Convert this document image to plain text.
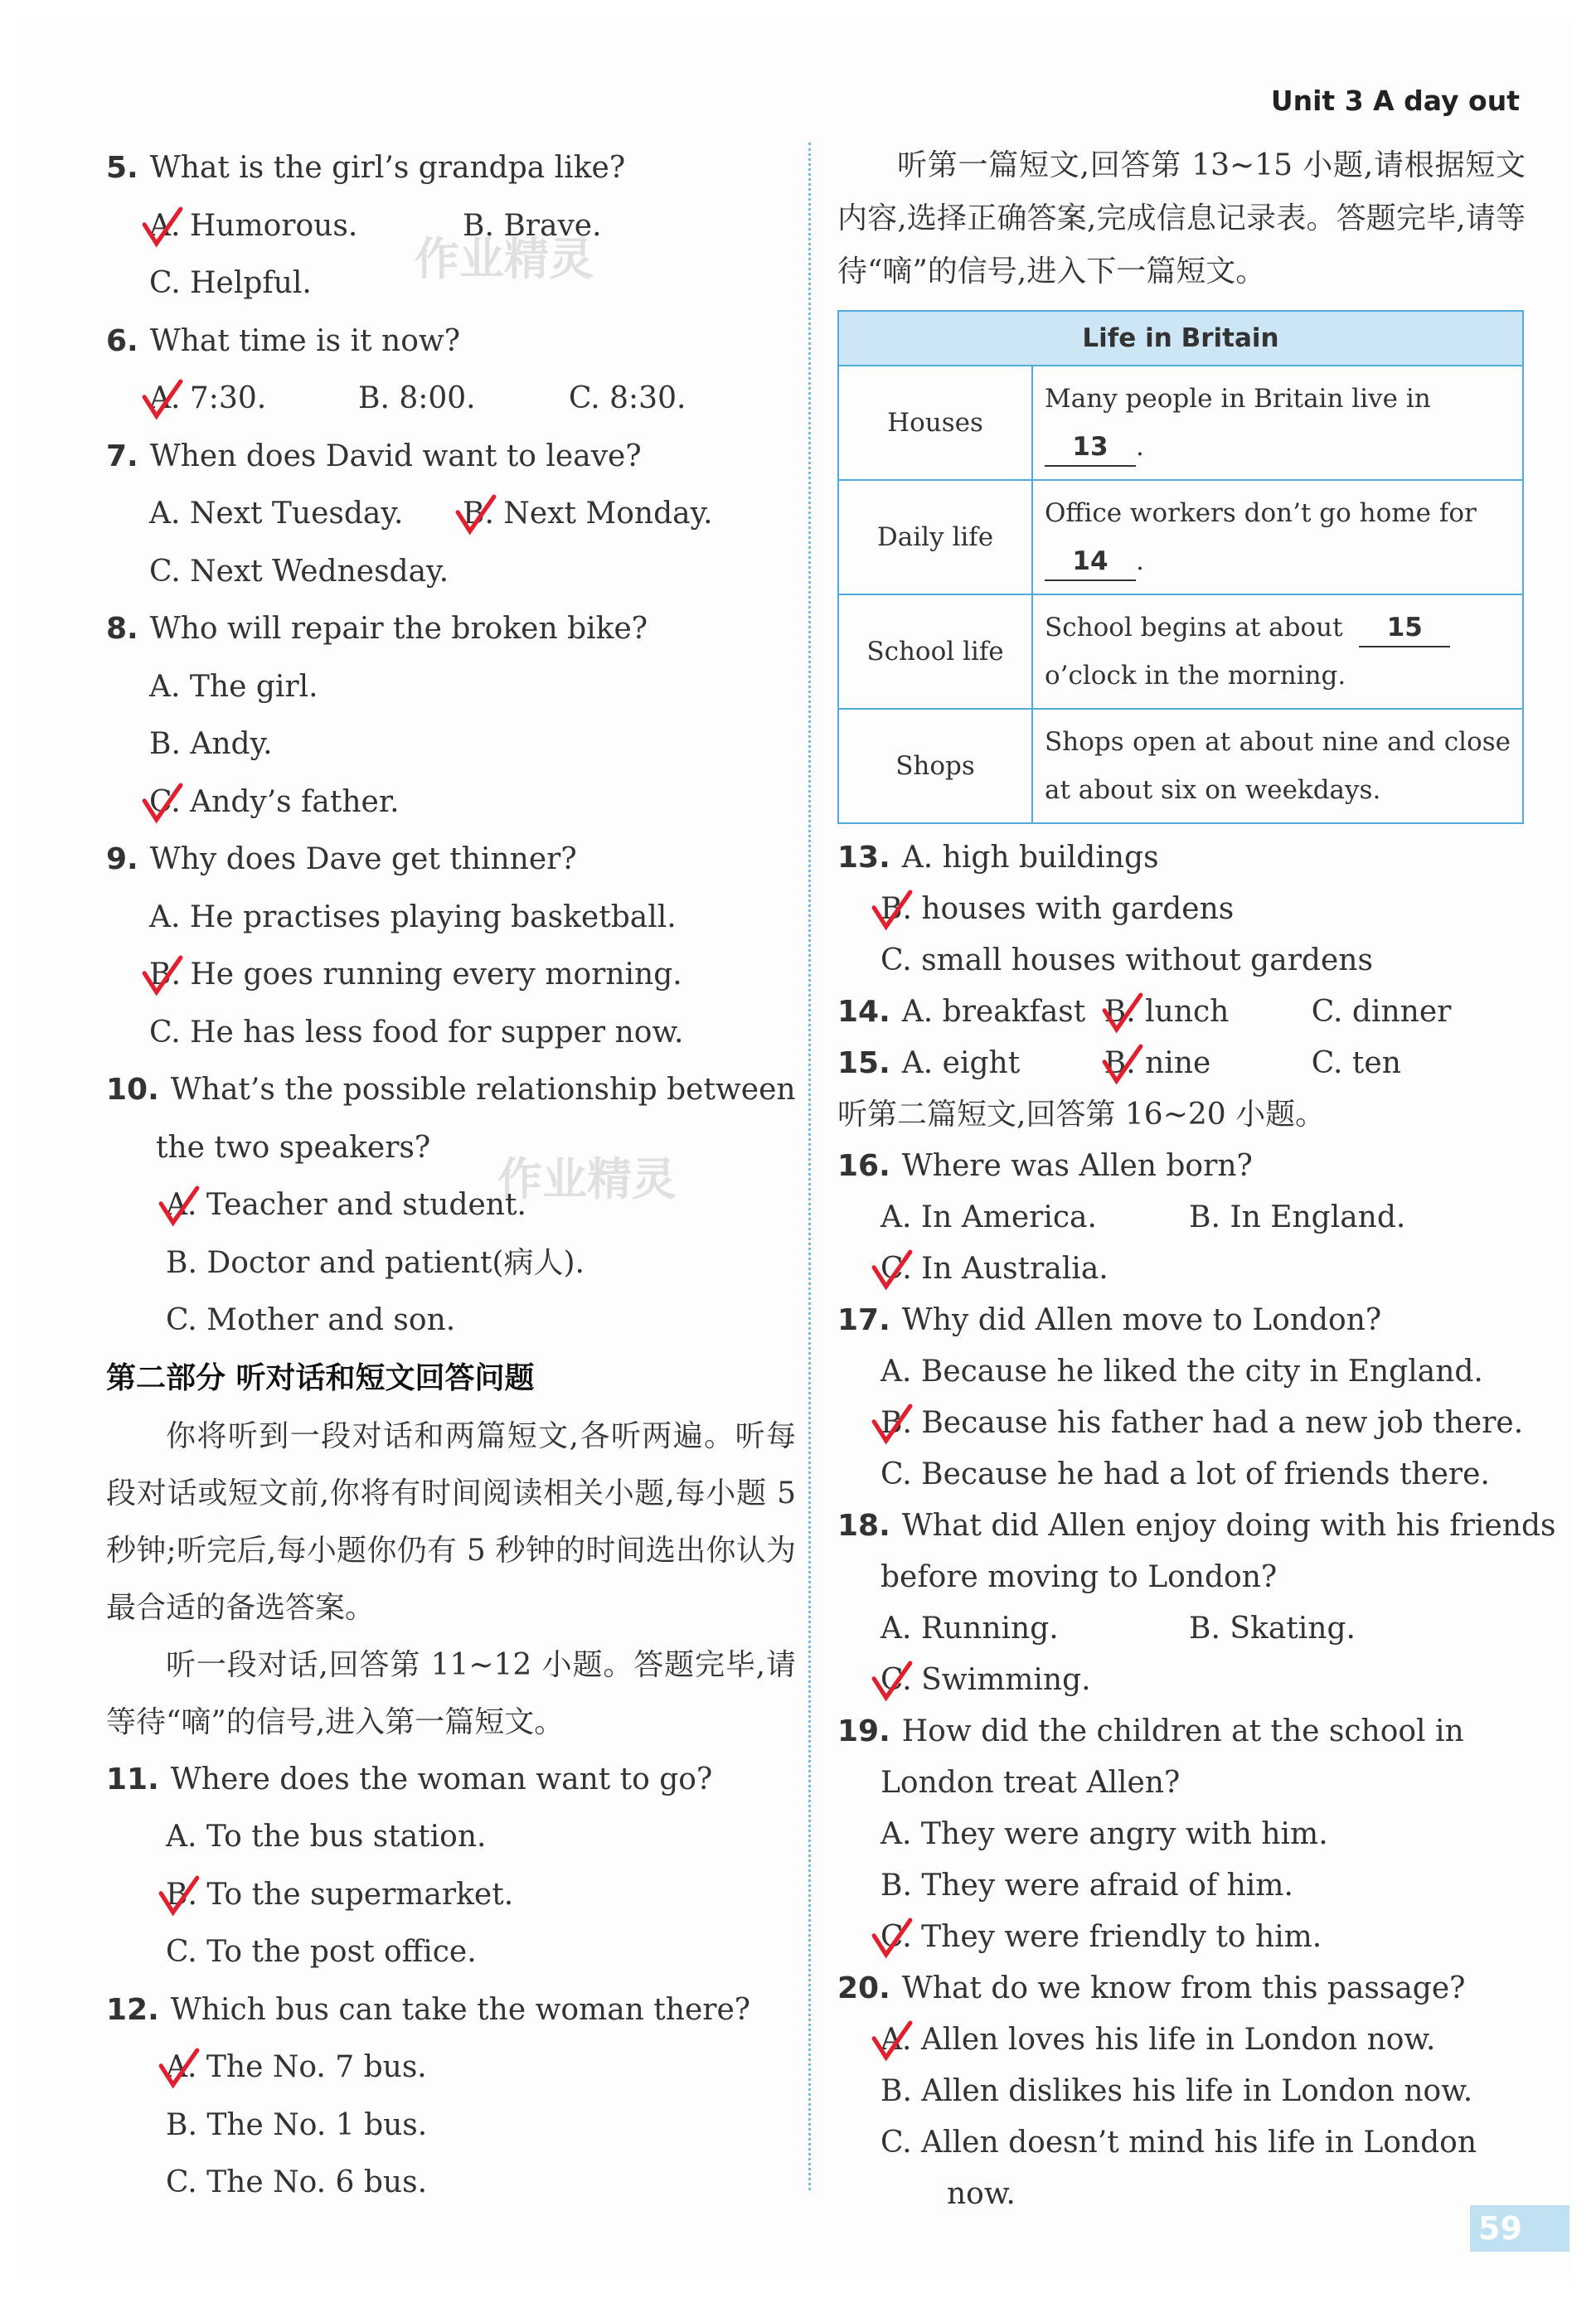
Unit 3 A day out
作业精灵
作业精灵
5. What is the girl’s grandpa like?
A. Humorous.	B. Brave.
C. Helpful.
6. What time is it now?
A. 7:30.	B. 8:00.	C. 8:30.
7. When does David want to leave?
A. Next Tuesday.	B. Next Monday.
C. Next Wednesday.
8. Who will repair the broken bike?
A. The girl.
B. Andy.
C. Andy’s father.
9. Why does Dave get thinner?
A. He practises playing basketball.
B. He goes running every morning.
C. He has less food for supper now.
10. What’s the possible relationship between
the two speakers?
A. Teacher and student.
B. Doctor and patient(病人).
C. Mother and son.
第二部分 听对话和短文回答问题
你将听到一段对话和两篇短文,各听两遍。听每段对话或短文前,你将有时间阅读相关小题,每小题 5 秒钟;听完后,每小题你仍有 5 秒钟的时间选出你认为最合适的备选答案。
听一段对话,回答第 11~12 小题。答题完毕,请等待“嘀”的信号,进入第一篇短文。
11. Where does the woman want to go?
A. To the bus station.
B. To the supermarket.
C. To the post office.
12. Which bus can take the woman there?
A. The No. 7 bus.
B. The No. 1 bus.
C. The No. 6 bus.
听第一篇短文,回答第 13~15 小题,请根据短文内容,选择正确答案,完成信息记录表。答题完毕,请等待“嘀”的信号,进入下一篇短文。
Life in Britain	
Houses	Many people in Britain live in
13 .
Daily life	Office workers don’t go home for
14 .
School life	School begins at about 15
o’clock in the morning.
Shops	Shops open at about nine and close at about six on weekdays.
13. A. high buildings
B. houses with gardens
C. small houses without gardens
14. A. breakfast B. lunch	C. dinner
15. A. eight	B. nine	C. ten
听第二篇短文,回答第 16~20 小题。
16. Where was Allen born?
A. In America.	B. In England.
C. In Australia.
17. Why did Allen move to London?
A. Because he liked the city in England.
B. Because his father had a new job there.
C. Because he had a lot of friends there.
18. What did Allen enjoy doing with his friends
before moving to London?
A. Running.	B. Skating.
C. Swimming.
19. How did the children at the school in
London treat Allen?
A. They were angry with him.
B. They were afraid of him.
C. They were friendly to him.
20. What do we know from this passage?
A. Allen loves his life in London now.
B. Allen dislikes his life in London now.
C. Allen doesn’t mind his life in London
now.
59
